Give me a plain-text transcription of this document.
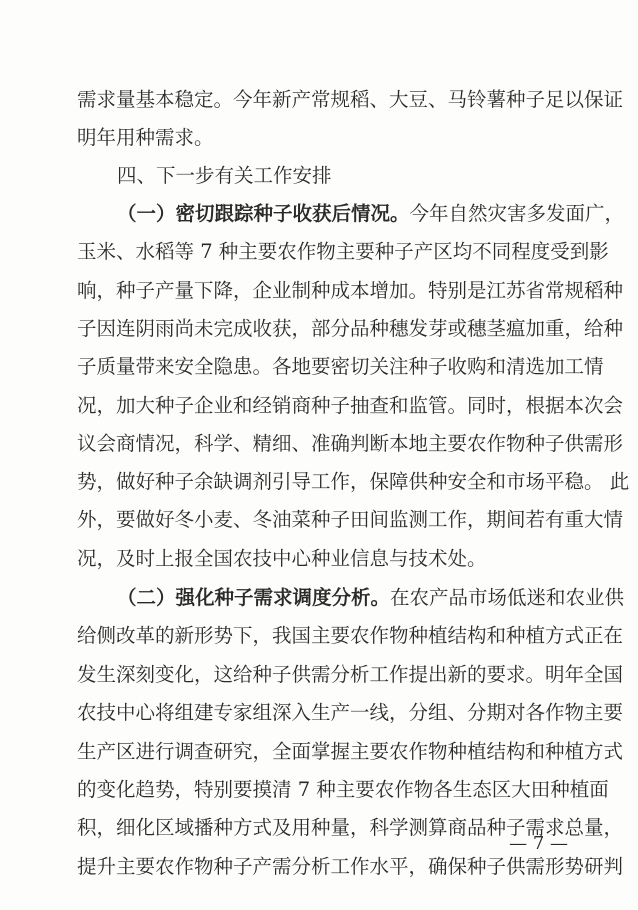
需求量基本稳定。今年新产常规稻、大豆、马铃薯种子足以保证
明年用种需求。
四、下一步有关工作安排
（一）密切跟踪种子收获后情况。今年自然灾害多发面广，
玉米、水稻等 7 种主要农作物主要种子产区均不同程度受到影
响，种子产量下降，企业制种成本增加。特别是江苏省常规稻种
子因连阴雨尚未完成收获，部分品种穗发芽或穗茎瘟加重，给种
子质量带来安全隐患。各地要密切关注种子收购和清选加工情
况，加大种子企业和经销商种子抽查和监管。同时，根据本次会
议会商情况，科学、精细、准确判断本地主要农作物种子供需形
势，做好种子余缺调剂引导工作，保障供种安全和市场平稳。 此
外，要做好冬小麦、冬油菜种子田间监测工作，期间若有重大情
况，及时上报全国农技中心种业信息与技术处。
（二）强化种子需求调度分析。在农产品市场低迷和农业供
给侧改革的新形势下，我国主要农作物种植结构和种植方式正在
发生深刻变化，这给种子供需分析工作提出新的要求。明年全国
农技中心将组建专家组深入生产一线，分组、分期对各作物主要
生产区进行调查研究，全面掌握主要农作物种植结构和种植方式
的变化趋势，特别要摸清 7 种主要农作物各生态区大田种植面
积，细化区域播种方式及用种量，科学测算商品种子需求总量，
提升主要农作物种子产需分析工作水平，确保种子供需形势研判
— 7 —
